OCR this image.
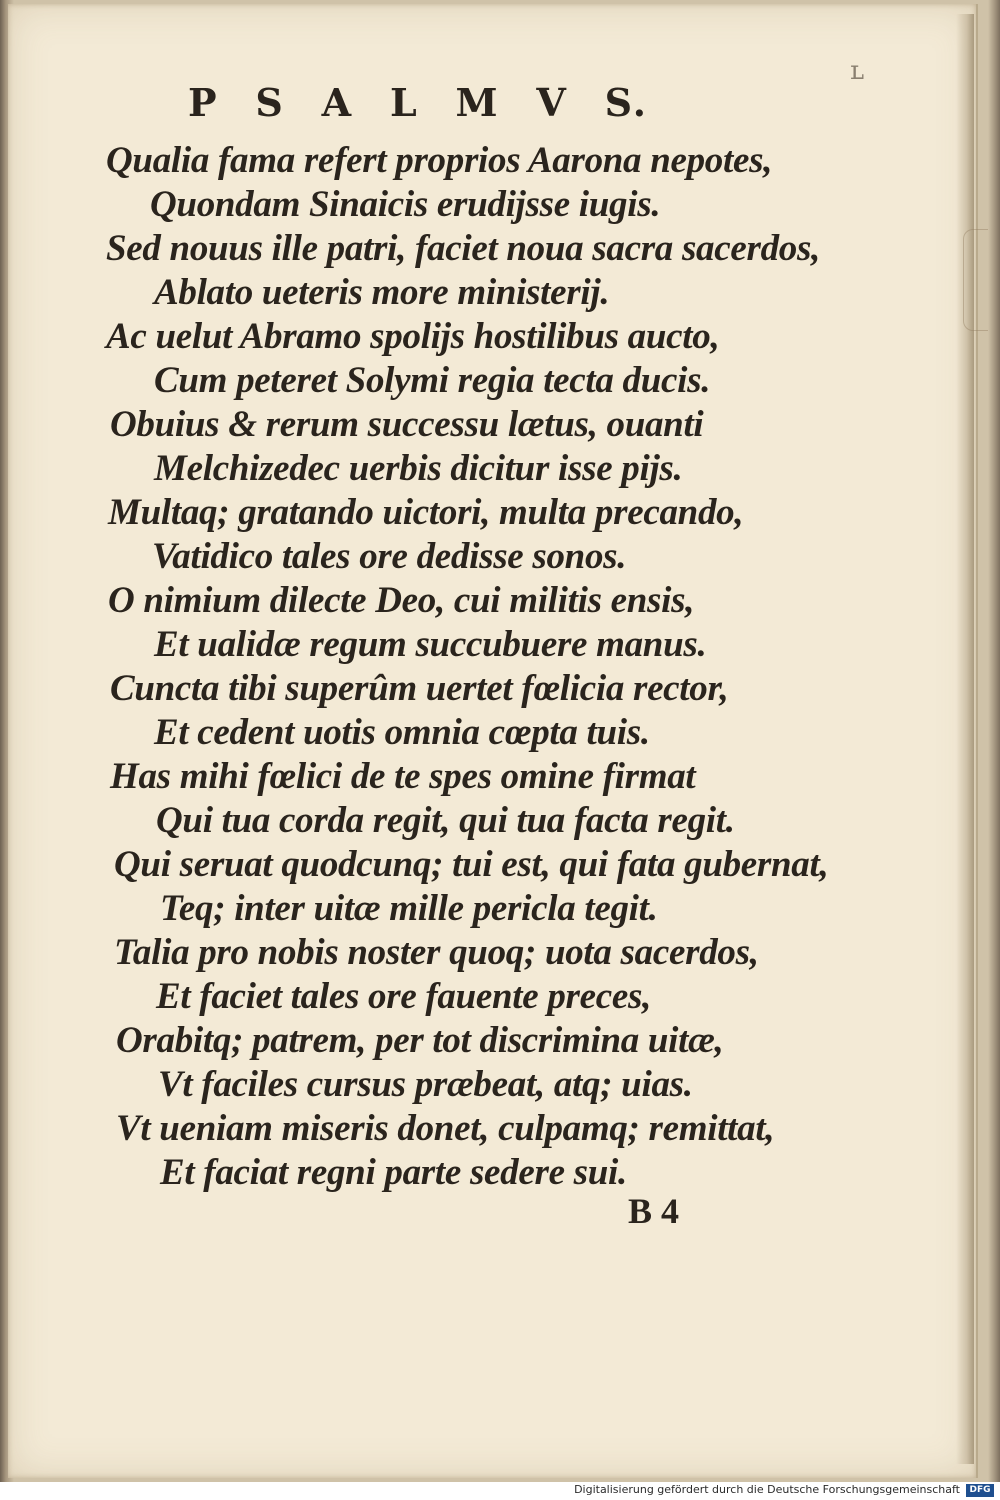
ʟ
P S A L M V S.
Qualia fama refert proprios Aarona nepotes,
Quondam Sinaicis erudijsse iugis.
Sed nouus ille patri, faciet noua sacra sacerdos,
Ablato ueteris more ministerij.
Ac uelut Abramo spolijs hostilibus aucto,
Cum peteret Solymi regia tecta ducis.
Obuius & rerum successu lætus, ouanti
Melchizedec uerbis dicitur isse pijs.
Multaq; gratando uictori, multa precando,
Vatidico tales ore dedisse sonos.
O nimium dilecte Deo, cui militis ensis,
Et ualidæ regum succubuere manus.
Cuncta tibi superûm uertet fœlicia rector,
Et cedent uotis omnia cœpta tuis.
Has mihi fœlici de te spes omine firmat
Qui tua corda regit, qui tua facta regit.
Qui seruat quodcunq; tui est, qui fata gubernat,
Teq; inter uitæ mille pericla tegit.
Talia pro nobis noster quoq; uota sacerdos,
Et faciet tales ore fauente preces,
Orabitq; patrem, per tot discrimina uitæ,
Vt faciles cursus præbeat, atq; uias.
Vt ueniam miseris donet, culpamq; remittat,
Et faciat regni parte sedere sui.
B 4
Digitalisierung gefördert durch die Deutsche Forschungsgemeinschaft	DFG
